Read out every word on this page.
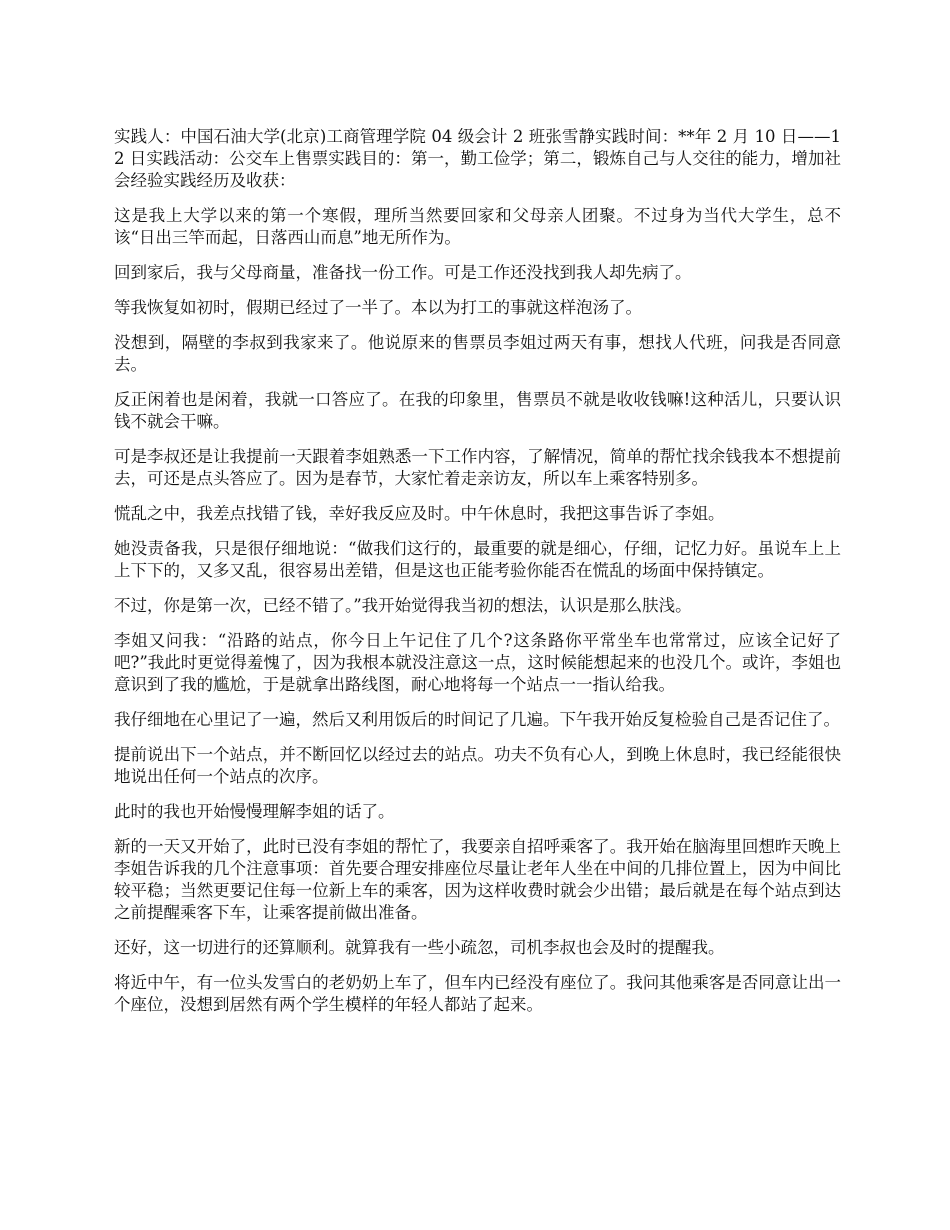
实践人：中国石油大学(北京)工商管理学院 04 级会计 2 班张雪静实践时间：**年 2 月 10 日——12 日实践活动：公交车上售票实践目的：第一，勤工俭学；第二，锻炼自己与人交往的能力，增加社会经验实践经历及收获：

这是我上大学以来的第一个寒假，理所当然要回家和父母亲人团聚。不过身为当代大学生，总不该“日出三竿而起，日落西山而息”地无所作为。

回到家后，我与父母商量，准备找一份工作。可是工作还没找到我人却先病了。

等我恢复如初时，假期已经过了一半了。本以为打工的事就这样泡汤了。

没想到，隔壁的李叔到我家来了。他说原来的售票员李姐过两天有事，想找人代班，问我是否同意去。

反正闲着也是闲着，我就一口答应了。在我的印象里，售票员不就是收收钱嘛!这种活儿，只要认识钱不就会干嘛。

可是李叔还是让我提前一天跟着李姐熟悉一下工作内容，了解情况，简单的帮忙找余钱我本不想提前去，可还是点头答应了。因为是春节，大家忙着走亲访友，所以车上乘客特别多。

慌乱之中，我差点找错了钱，幸好我反应及时。中午休息时，我把这事告诉了李姐。

她没责备我，只是很仔细地说：“做我们这行的，最重要的就是细心，仔细，记忆力好。虽说车上上上下下的，又多又乱，很容易出差错，但是这也正能考验你能否在慌乱的场面中保持镇定。

不过，你是第一次，已经不错了。”我开始觉得我当初的想法，认识是那么肤浅。

李姐又问我：“沿路的站点，你今日上午记住了几个?这条路你平常坐车也常常过，应该全记好了吧?”我此时更觉得羞愧了，因为我根本就没注意这一点，这时候能想起来的也没几个。或许，李姐也意识到了我的尴尬，于是就拿出路线图，耐心地将每一个站点一一指认给我。

我仔细地在心里记了一遍，然后又利用饭后的时间记了几遍。下午我开始反复检验自己是否记住了。

提前说出下一个站点，并不断回忆以经过去的站点。功夫不负有心人，到晚上休息时，我已经能很快地说出任何一个站点的次序。

此时的我也开始慢慢理解李姐的话了。

新的一天又开始了，此时已没有李姐的帮忙了，我要亲自招呼乘客了。我开始在脑海里回想昨天晚上李姐告诉我的几个注意事项：首先要合理安排座位尽量让老年人坐在中间的几排位置上，因为中间比较平稳；当然更要记住每一位新上车的乘客，因为这样收费时就会少出错；最后就是在每个站点到达之前提醒乘客下车，让乘客提前做出准备。

还好，这一切进行的还算顺利。就算我有一些小疏忽，司机李叔也会及时的提醒我。

将近中午，有一位头发雪白的老奶奶上车了，但车内已经没有座位了。我问其他乘客是否同意让出一个座位，没想到居然有两个学生模样的年轻人都站了起来。
